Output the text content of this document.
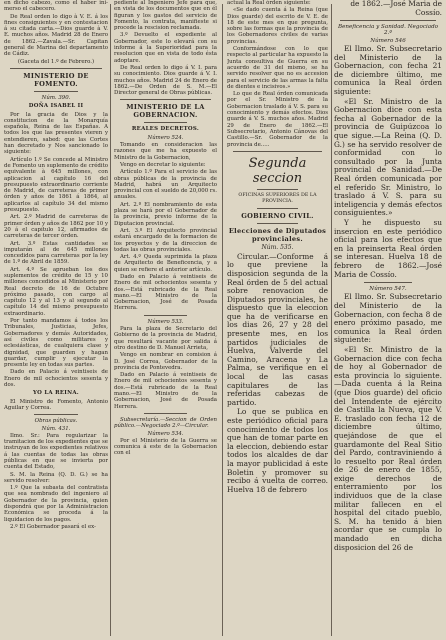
en dicho cabezo, como el haber ini-merso el cabecero.

De Real orden lo digo à V. E. á los fines consiguientes y en contestacion á su citada carta.—Dios guarde à V. E. muchos años. Madrid 28 de Enero de 1862.—Zavala.—Sr. Capitan general de Marina del departamento de Cádiz.

(Gaceta del 1.º de Febrero.)

MINISTERIO DE FOMENTO.

Núm. 390.

DOÑA ISABEL II

Por la gracia de Dios y la constitucion de la Monarquía española, Reina de las Españas. A todos los que las presentes vieren y entendieren, sabed: que las Cortes han decretado y Nos sancionado lo siguiente:

Artículo 1.º Se concede al Ministro de Fomento un suplemento de crédito equivalente à 645 millones, con aplicacion al capítulo 16 del presupuesto extraordinario corriente de Madrid, de carreteras de primer órden y años de 1861 á 1864, al aplicarlos al capítulo 34 del mismo presupuesto.

Art. 2.º Madrid de carreteras de primer órden y años de 1862 por 10 y 20 á el capítulo 12, afirmados de carreteras de tercer órden.

Art. 3.º Estas cantidades se imputarán al de 645 millones concedidos para carreteras por la ley de 1.º de Abril de 1859.

Art. 4.º Se aprueban los dos suplementos de crédito de 15 y 10 millones concedidos al Ministerio por Real decreto de 16 de Octubre próximo pasado, con cargo al capítulo 12 y al 13 y al segundo al capítulo 14 del mismo presupuesto extraordinario.

Por tanto mandamos á todos los Tribunales, Justicias, Jefes, Gobernadores y demás Autoridades, así civiles como militares y eclesiásticas, de cualquiera clase y dignidad, que guarden y hagan guardar, cumplir y ejecutar la presente ley en todas sus partes.

Dado en Palacio á veintiseis de Enero de mil ochocientos sesenta y dos.

YO LA REINA.

El Ministro de Fomento, Antonio Aguilar y Correa.

Obras públicas.

Núm. 431.

Ilmo. Sr.: Para regularizar la tramitacion de los expedientes que se instruyan de los expedientes relativos á las cuentas de todas las obras públicas en que se invierta por cuenta del Estado,

S. M. la Reina (Q. D. G.) se ha servido resolver:

1.º Que la subasta del contratista que sea nombrado del ingeniero al Gobernador de la provincia, quien dispondrá que por la Administracion Económica se proceda á la liquidacion de los pagos.

2.º El Gobernador pasará el ex-

pediente al Ingeniero Jefe para que, en vista de los documentos que en él figuran y los gastos del servicio de Fomento, la contrata, manifieste si procede la rescision reclamada.

3.º Devuelto el expediente al Gobernador, este lo elevará con su informe á la Superioridad para la resolucion que en vista de todo ésta adoptare.

De Real orden lo digo á V. I. para su conocimiento. Dios guarde á V. I. muchos años. Madrid 24 de Enero de 1862.—De Orden de S. M.—El Director general de Obras públicas.

MINISTERIO DE LA GOBERNACION.
REALES DECRETOS.

Número 524.

Tomando en consideracion las razones que me ha expuesto el Ministro de la Gobernacion,

Vengo en decretar lo siguiente:

Artículo 1.º Para el servicio de las obras públicas de la provincia de Madrid, habrá un Arquitecto provincial con el sueldo de 20,000 rs. anuales.

Art. 2.º El nombramiento de esta plaza se hará por el Gobernador de la provincia, previo informe de la Diputacion provincial.

Art. 3.º El Arquitecto provincial estará encargado de la formacion de los proyectos y de la direccion de todas las obras provinciales.

Art. 4.º Queda suprimida la plaza de Arquitecto de Beneficencia, y a quien se refiere el anterior artículo.

Dado en Palacio á veintiseis de Enero de mil ochocientos sesenta y dos.—Está rubricado de la Real mano.—El Ministro de la Gobernacion, José de Posada Herrera.

Número 533.

Para la plaza de Secretario del Gobierno de la provincia de Madrid, que resultará vacante por salida á otro destino de D. Manuel Arrieta,

Vengo en nombrar en comision á D. José Correa, Gobernador de la provincia de Pontevedra.

Dado en Palacio á veintiseis de Enero de mil ochocientos sesenta y dos.—Está rubricado de la Real mano.—El Ministro de la Gobernacion, José de Posada Herrera.

Subsecretaría.—Seccion de Orden público.—Negociado 2.º—Circular.

Número 534.

Por el Ministerio de la Guerra se comunica á este de la Gobernacion con el

actual la Real órden siguiente:

«Se dado cuenta á la Reina (que Dios guarde) del escrito de V. E. de 18 de este mes en que pregunta, sobre las formas que la provincia de los Gobernadores civiles de varias provincias.

Conformándose con lo que respecto al particular ha expuesto la Junta consultiva de Guerra en su acuerdo de 31 del mismo, se ha servido resolver que no es accesion para el servicio de las armas la falta de dientes e incisivos.»

Lo que de Real órden comunicada por el Sr. Ministro de la Gobernacion traslado á V. S. para su conocimiento y demás efectos. Dios guarde á V. S. muchos años. Madrid 29 de Enero de 1862.—El Subsecretario, Antonio Cánovas del Castillo.—Sr. Gobernador de la provincia de.....

Segunda seccion

OFICINAS SUPERIORES DE LA PROVINCIA.

GOBIERNO CIVIL.
Elecciones de Diputados provinciales.

Núm. 535.

Circular.—Conforme á lo que previene la disposicion segunda de la Real órden de 5 del actual sobre renovacion de Diputados provinciales, he dispuesto que la eleccion que ha de verificarse en los dias 26, 27 y 28 del presente mes, en los partidos judiciales de Huelva, Valverde del Camino, Aracena y La Palma, se verifique en el local de las casas capitulares de las referidas cabezas de partido.

Lo que se publica en este periódico oficial para conocimiento de todos los que han de tomar parte en la eleccion, debiendo estar todos los alcaldes de dar la mayor publicidad á este Boletin y promover su recibo á vuelta de correo. Huelva 18 de febrero

de 1862.—José Maria de Cossío.

Beneficencia y Sanidad. Negociado 2.º

Número 546

El Ilmo. Sr. Subsecretario del Ministerio de la Gobernacion, con fecha 21 de diciembre último, me comunica la Real órden siguiente:

«El Sr. Ministro de la Gobernacion dice con esta fecha al Gobernador de la provincia de Guipúzcoa lo que sigue.—La Reina (Q. D. G.) se ha servido resolver de conformidad con lo consultado por la Junta provincial de Sanidad.—De Real órden comunicada por el referido Sr. Ministro, lo traslado á V. S. para su inteligencia y demás efectos consiguientes.»

Y he dispuesto su insercion en este periódico oficial para los efectos que en la preinserta Real órden se interesan. Huelva 18 de febrero de 1862.—José Maria de Cossío.

Número 547.

El Ilmo. Sr. Subsecretario del Ministerio de la Gobernacion, con fecha 8 de enero próximo pasado, me comunica la Real órden siguiente:

«El Sr. Ministro de la Gobernacion dice con fecha de hoy al Gobernador de esta provincia lo siguiente.—Dada cuenta á la Reina (que Dios guarde) del oficio del Intendente de ejército de Castilla la Nueva, que V. E. traslado con fecha 12 de diciembre último, quejándose de que el guardamonte del Real Sitio del Pardo, contraviniendo á lo resuelto por Real órden de 26 de enero de 1855, exige derechos de enterramiento por los individuos que de la clase militar fallecen en el hospital del citado pueblo, S. M. ha tenido á bien acordar que se cumpla lo mandado en dicha disposicion del 26 de
